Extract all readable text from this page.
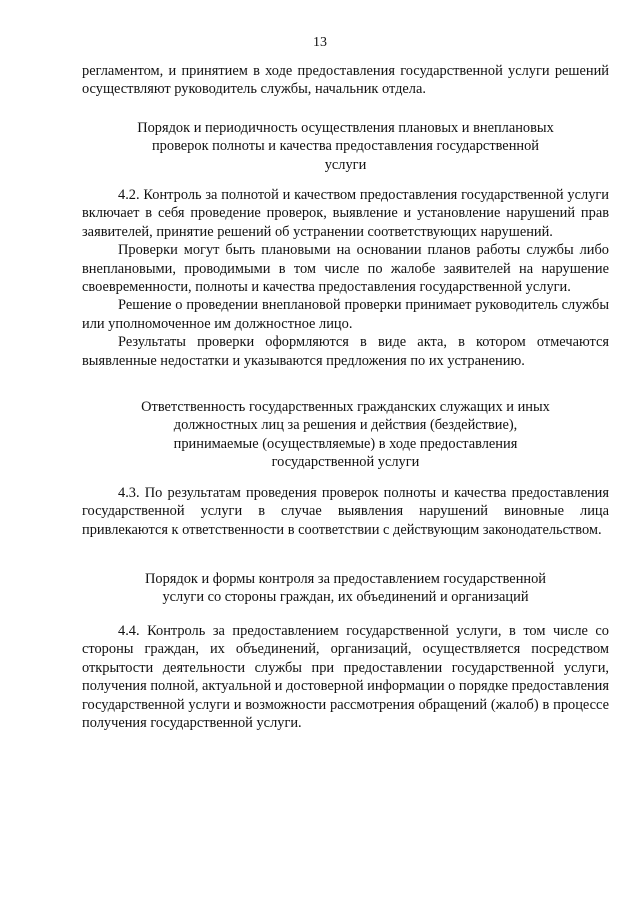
13

регламентом, и принятием в ходе предоставления государственной услуги решений осуществляют руководитель службы, начальник отдела.

Порядок и периодичность осуществления плановых и внеплановых
проверок полноты и качества предоставления государственной
услуги

4.2. Контроль за полнотой и качеством предоставления государственной услуги включает в себя проведение проверок, выявление и установление нарушений прав заявителей, принятие решений об устранении соответствующих нарушений.

Проверки могут быть плановыми на основании планов работы службы либо внеплановыми, проводимыми в том числе по жалобе заявителей на нарушение своевременности, полноты и качества предоставления государственной услуги.

Решение о проведении внеплановой проверки принимает руководитель службы или уполномоченное им должностное лицо.

Результаты проверки оформляются в виде акта, в котором отмечаются выявленные недостатки и указываются предложения по их устранению.

Ответственность государственных гражданских служащих и иных
должностных лиц за решения и действия (бездействие),
принимаемые (осуществляемые) в ходе предоставления
государственной услуги

4.3. По результатам проведения проверок полноты и качества предоставления государственной услуги в случае выявления нарушений виновные лица привлекаются к ответственности в соответствии с действующим законодательством.

Порядок и формы контроля за предоставлением государственной
услуги со стороны граждан, их объединений и организаций

4.4. Контроль за предоставлением государственной услуги, в том числе со стороны граждан, их объединений, организаций, осуществляется посредством открытости деятельности службы при предоставлении государственной услуги, получения полной, актуальной и достоверной информации о порядке предоставления государственной услуги и возможности рассмотрения обращений (жалоб) в процессе получения государственной услуги.
